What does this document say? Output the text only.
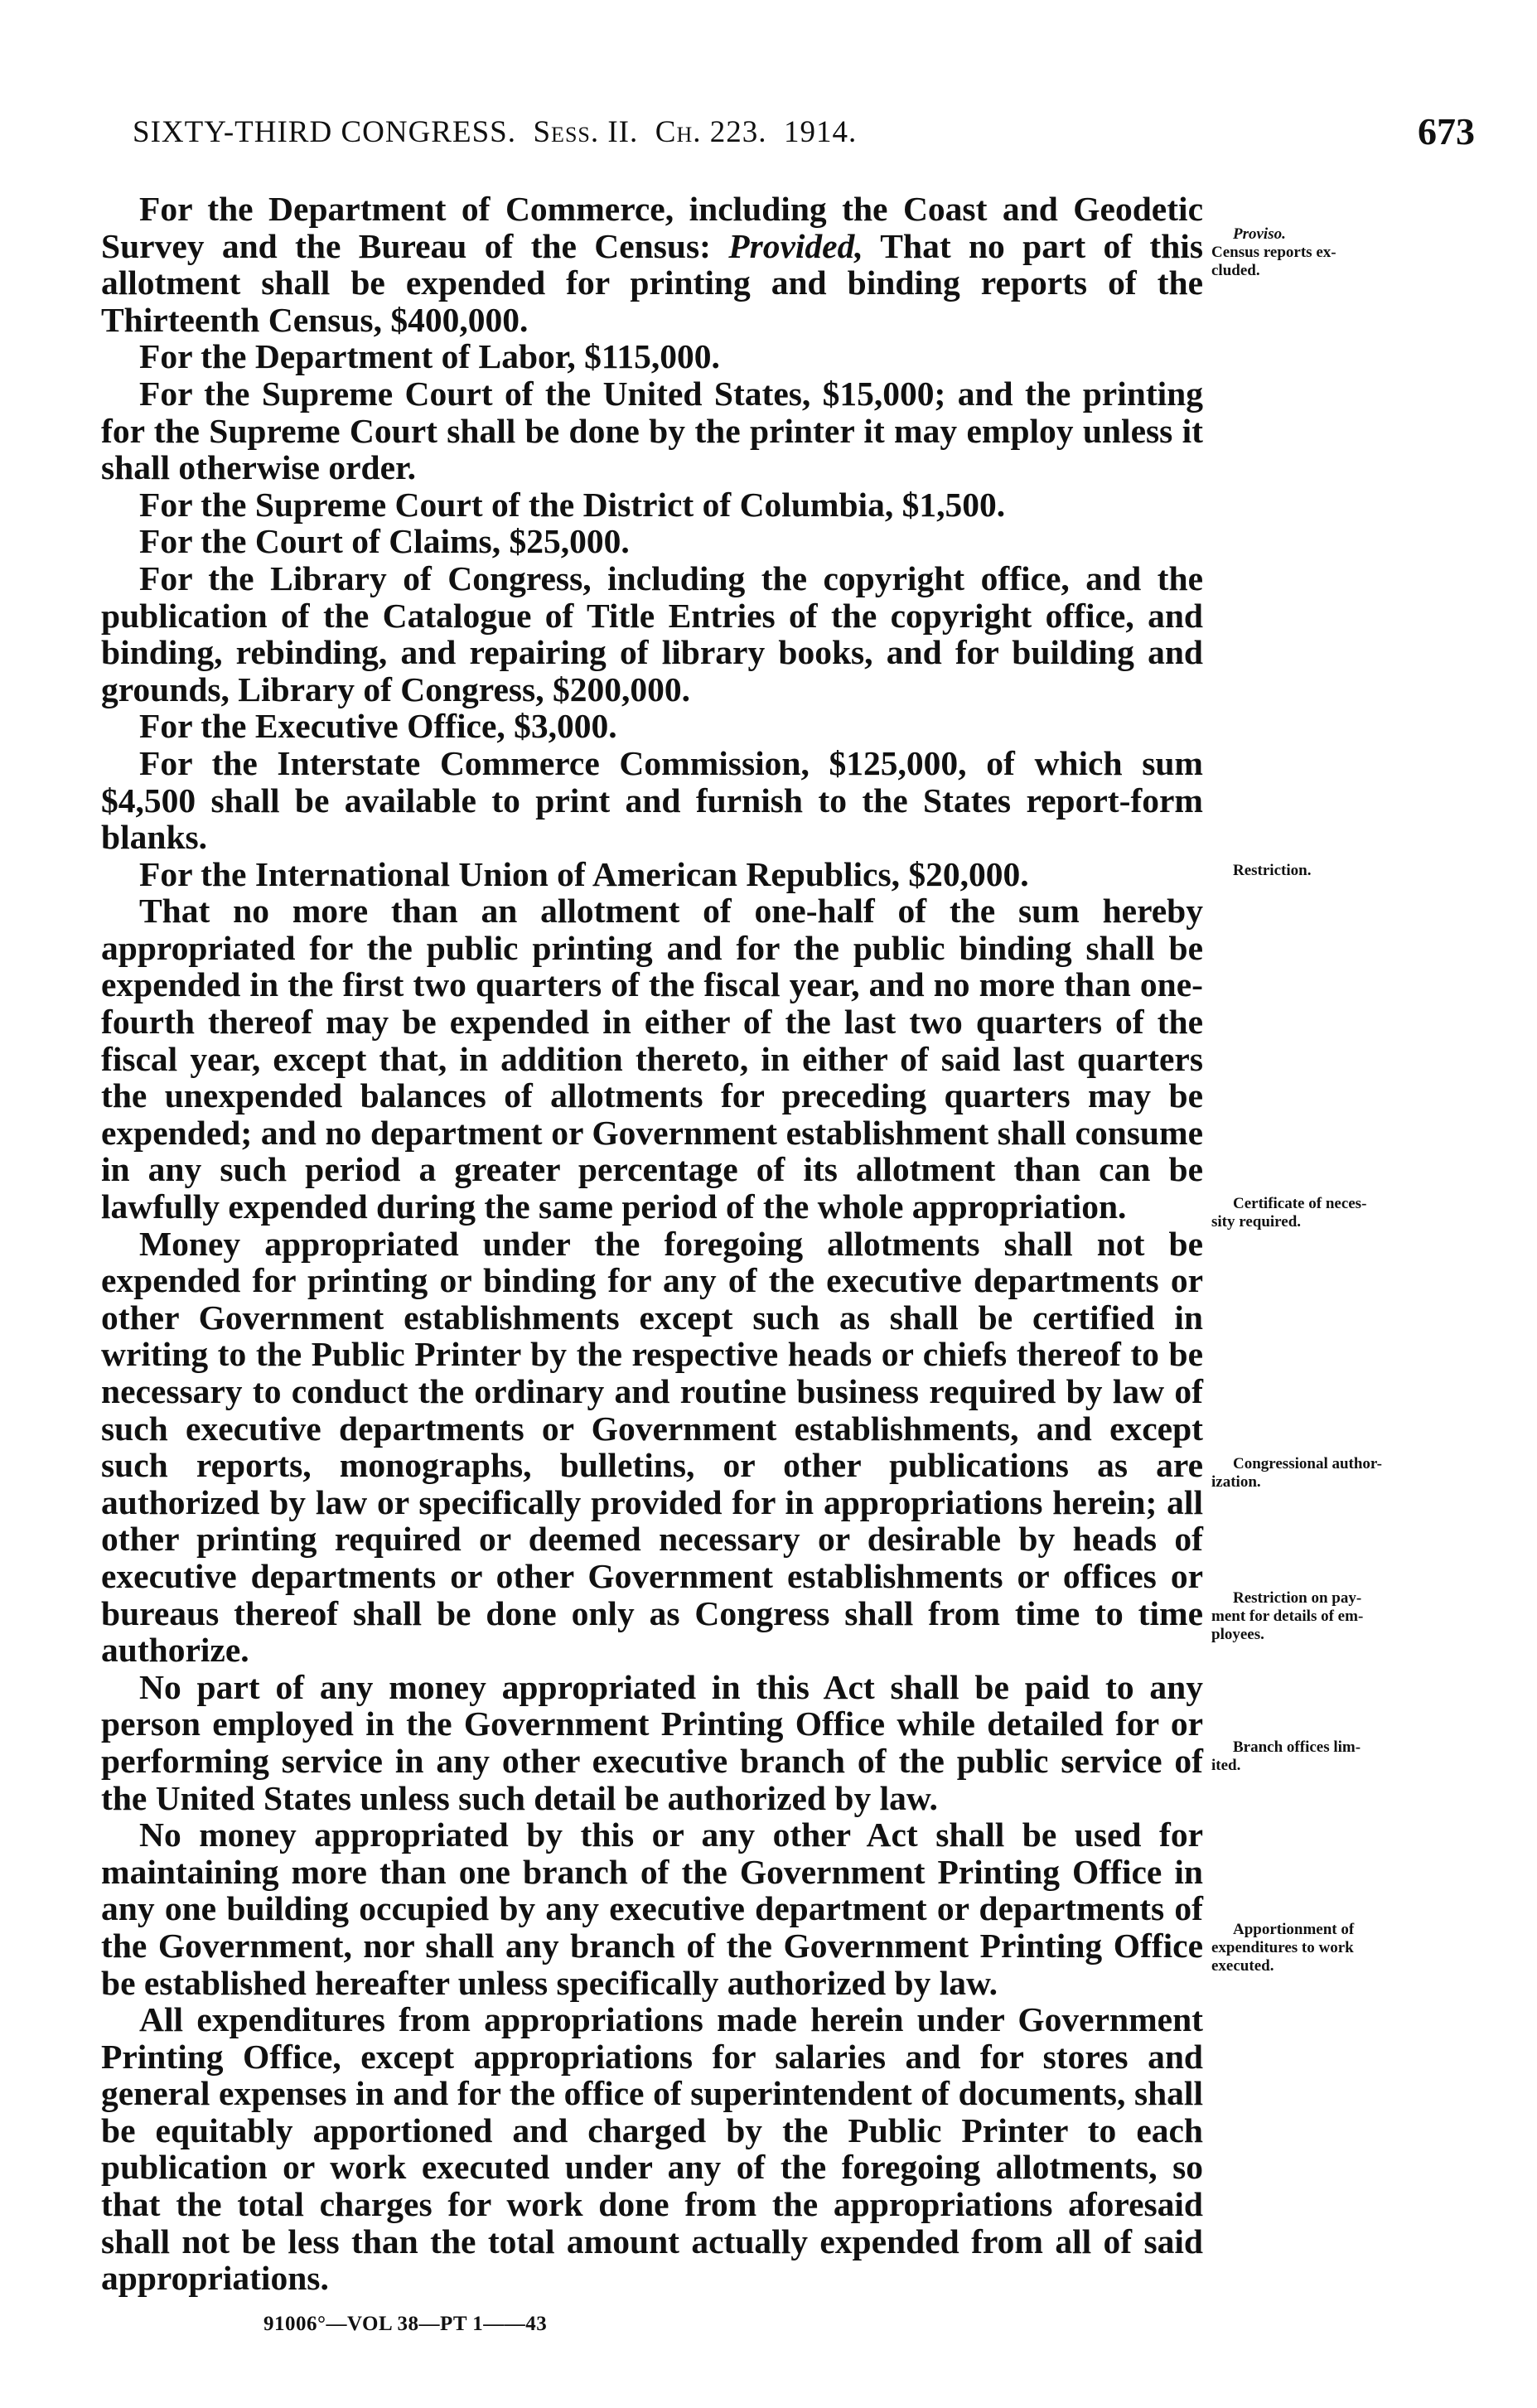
SIXTY-THIRD CONGRESS. Sess. II. Ch. 223. 1914.	673

For the Department of Commerce, including the Coast and Geodetic Survey and the Bureau of the Census: Provided, That no part of this allotment shall be expended for printing and binding reports of the Thirteenth Census, $400,000.

For the Department of Labor, $115,000.

For the Supreme Court of the United States, $15,000; and the printing for the Supreme Court shall be done by the printer it may employ unless it shall otherwise order.

For the Supreme Court of the District of Columbia, $1,500.

For the Court of Claims, $25,000.

For the Library of Congress, including the copyright office, and the publication of the Catalogue of Title Entries of the copyright office, and binding, rebinding, and repairing of library books, and for building and grounds, Library of Congress, $200,000.

For the Executive Office, $3,000.

For the Interstate Commerce Commission, $125,000, of which sum $4,500 shall be available to print and furnish to the States report-form blanks.

For the International Union of American Republics, $20,000.

That no more than an allotment of one-half of the sum hereby appropriated for the public printing and for the public binding shall be expended in the first two quarters of the fiscal year, and no more than one-fourth thereof may be expended in either of the last two quarters of the fiscal year, except that, in addition thereto, in either of said last quarters the unexpended balances of allotments for preceding quarters may be expended; and no department or Government establishment shall consume in any such period a greater percentage of its allotment than can be lawfully expended during the same period of the whole appropriation.

Money appropriated under the foregoing allotments shall not be expended for printing or binding for any of the executive departments or other Government establishments except such as shall be certified in writing to the Public Printer by the respective heads or chiefs thereof to be necessary to conduct the ordinary and routine business required by law of such executive departments or Government establishments, and except such reports, monographs, bulletins, or other publications as are authorized by law or specifically provided for in appropriations herein; all other printing required or deemed necessary or desirable by heads of executive departments or other Government establishments or offices or bureaus thereof shall be done only as Congress shall from time to time authorize.

No part of any money appropriated in this Act shall be paid to any person employed in the Government Printing Office while detailed for or performing service in any other executive branch of the public service of the United States unless such detail be authorized by law.

No money appropriated by this or any other Act shall be used for maintaining more than one branch of the Government Printing Office in any one building occupied by any executive department or departments of the Government, nor shall any branch of the Government Printing Office be established hereafter unless specifically authorized by law.

All expenditures from appropriations made herein under Government Printing Office, except appropriations for salaries and for stores and general expenses in and for the office of superintendent of documents, shall be equitably apportioned and charged by the Public Printer to each publication or work executed under any of the foregoing allotments, so that the total charges for work done from the appropriations aforesaid shall not be less than the total amount actually expended from all of said appropriations.

Proviso.
Census reports ex-
cluded.
Restriction.
Certificate of neces-
sity required.
Congressional author-
ization.
Restriction on pay-
ment for details of em-
ployees.
Branch offices lim-
ited.
Apportionment of
expenditures to work
executed.
91006°—VOL 38—PT 1——43
